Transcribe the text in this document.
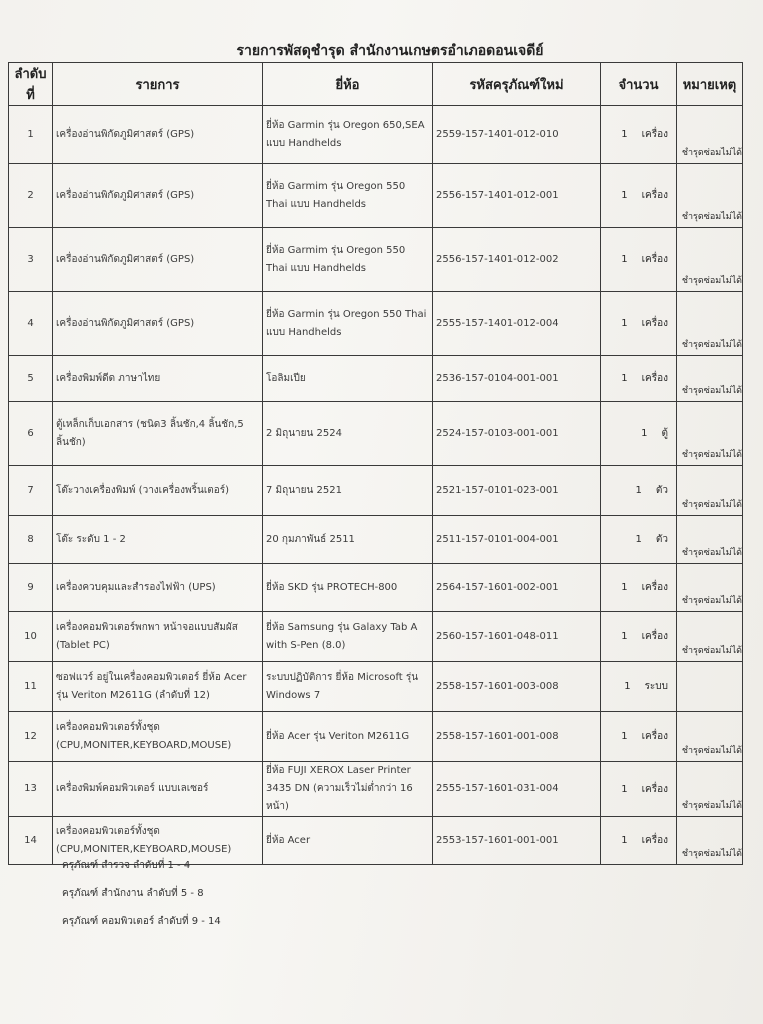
รายการพัสดุชำรุด สำนักงานเกษตรอำเภอดอนเจดีย์
ลำดับที่	รายการ	ยี่ห้อ	รหัสครุภัณฑ์ใหม่	จำนวน	หมายเหตุ

1	เครื่องอ่านพิกัดภูมิศาสตร์ (GPS)	ยี่ห้อ Garmin รุ่น Oregon 650,SEA แบบ Handhelds	2559-157-1401-012-010	1 เครื่อง	ชำรุดซ่อมไม่ได้

2	เครื่องอ่านพิกัดภูมิศาสตร์ (GPS)	ยี่ห้อ Garmim รุ่น Oregon 550 Thai แบบ Handhelds	2556-157-1401-012-001	1 เครื่อง	ชำรุดซ่อมไม่ได้

3	เครื่องอ่านพิกัดภูมิศาสตร์ (GPS)	ยี่ห้อ Garmim รุ่น Oregon 550 Thai แบบ Handhelds	2556-157-1401-012-002	1 เครื่อง	ชำรุดซ่อมไม่ได้

4	เครื่องอ่านพิกัดภูมิศาสตร์ (GPS)	ยี่ห้อ Garmin รุ่น Oregon 550 Thai แบบ Handhelds	2555-157-1401-012-004	1 เครื่อง	ชำรุดซ่อมไม่ได้

5	เครื่องพิมพ์ดีด ภาษาไทย	โอลิมเปีย	2536-157-0104-001-001	1 เครื่อง	ชำรุดซ่อมไม่ได้

6	ตู้เหล็กเก็บเอกสาร (ชนิด3 ลิ้นชัก,4 ลิ้นชัก,5 ลิ้นชัก)	2 มิถุนายน 2524	2524-157-0103-001-001	1 ตู้	ชำรุดซ่อมไม่ได้

7	โต๊ะวางเครื่องพิมพ์ (วางเครื่องพริ้นเตอร์)	7 มิถุนายน 2521	2521-157-0101-023-001	1 ตัว	ชำรุดซ่อมไม่ได้

8	โต๊ะ ระดับ 1 - 2	20 กุมภาพันธ์ 2511	2511-157-0101-004-001	1 ตัว	ชำรุดซ่อมไม่ได้

9	เครื่องควบคุมและสำรองไฟฟ้า (UPS)	ยี่ห้อ SKD รุ่น PROTECH-800	2564-157-1601-002-001	1 เครื่อง	ชำรุดซ่อมไม่ได้

10	เครื่องคอมพิวเตอร์พกพา หน้าจอแบบสัมผัส (Tablet PC)	ยี่ห้อ Samsung รุ่น Galaxy Tab A with S-Pen (8.0)	2560-157-1601-048-011	1 เครื่อง	ชำรุดซ่อมไม่ได้

11	ซอฟแวร์ อยู่ในเครื่องคอมพิวเตอร์ ยี่ห้อ Acer รุ่น Veriton M2611G (ลำดับที่ 12)	ระบบปฏิบัติการ ยี่ห้อ Microsoft รุ่น Windows 7	2558-157-1601-003-008	1 ระบบ	

12	เครื่องคอมพิวเตอร์ทั้งชุด (CPU,MONITER,KEYBOARD,MOUSE)	ยี่ห้อ Acer รุ่น Veriton M2611G	2558-157-1601-001-008	1 เครื่อง	ชำรุดซ่อมไม่ได้

13	เครื่องพิมพ์คอมพิวเตอร์ แบบเลเซอร์	ยี่ห้อ FUJI XEROX Laser Printer 3435 DN (ความเร็วไม่ต่ำกว่า 16 หน้า)	2555-157-1601-031-004	1 เครื่อง	ชำรุดซ่อมไม่ได้

14	เครื่องคอมพิวเตอร์ทั้งชุด (CPU,MONITER,KEYBOARD,MOUSE)	ยี่ห้อ Acer	2553-157-1601-001-001	1 เครื่อง	ชำรุดซ่อมไม่ได้
ครุภัณฑ์ สำรวจ ลำดับที่ 1 - 4
ครุภัณฑ์ สำนักงาน ลำดับที่ 5 - 8
ครุภัณฑ์ คอมพิวเตอร์ ลำดับที่ 9 - 14
